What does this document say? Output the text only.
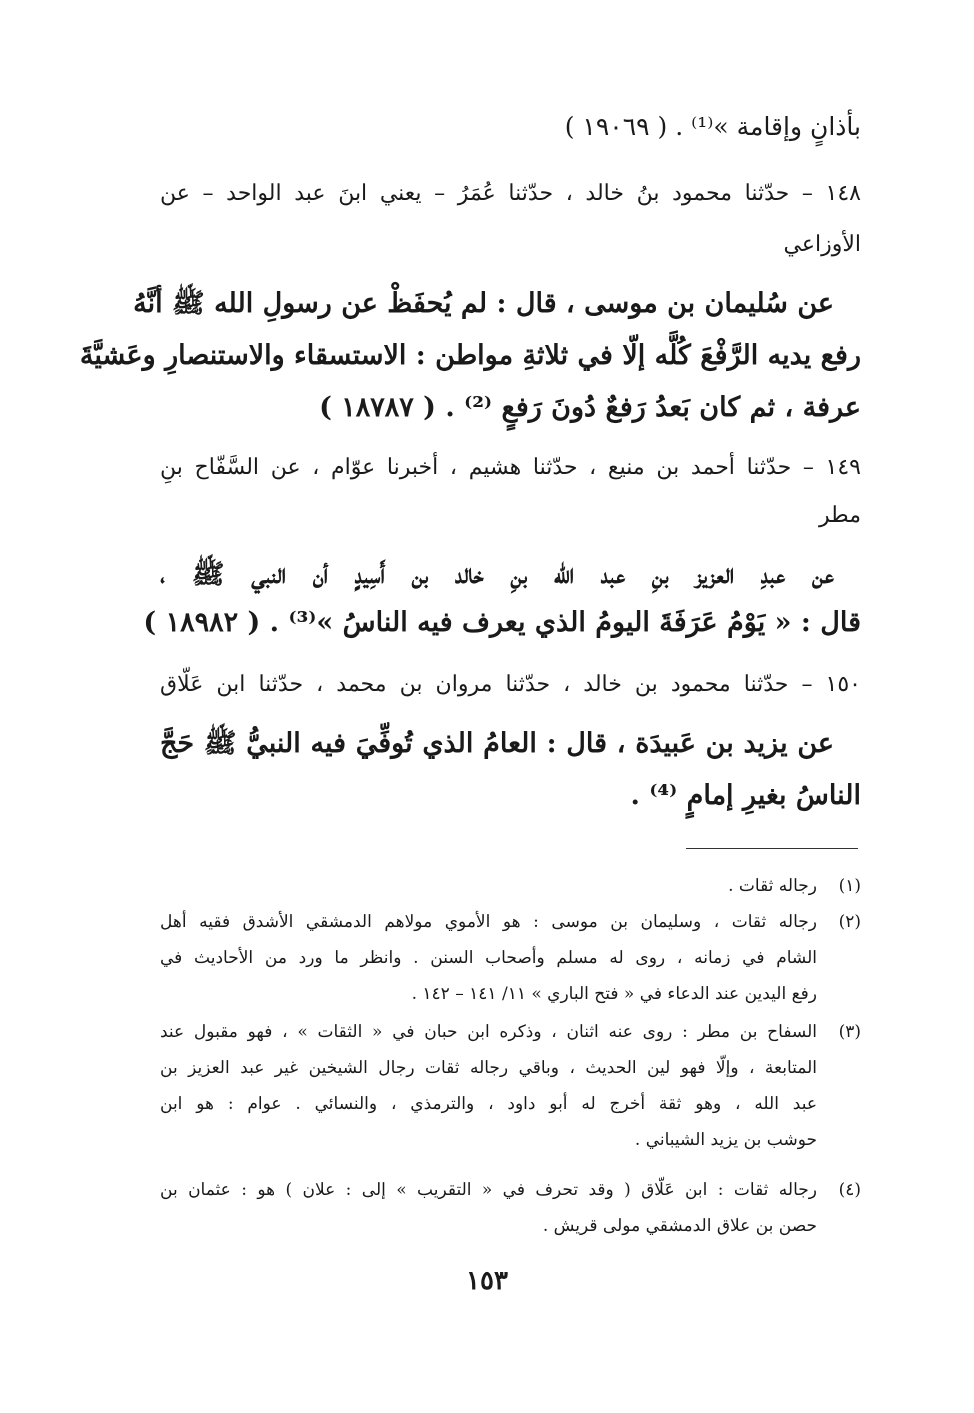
بأذانٍ وإقامة »⁽¹⁾ . ( ١٩٠٦٩ )
١٤٨ – حدّثنا محمود بنُ خالد ، حدّثنا عُمَرُ – يعني ابنَ عبد الواحد – عن
الأوزاعي
عن سُليمان بن موسى ، قال : لم يُحفَظْ عن رسولِ الله ﷺ أنَّهُ
رفع يديه الرَّفْعَ كُلَّه إلّا في ثلاثةِ مواطن : الاستسقاء والاستنصارِ وعَشيَّةَ
عرفة ، ثم كان بَعدُ رَفعٌ دُونَ رَفعٍ ⁽²⁾ . ( ١٨٧٨٧ )
١٤٩ – حدّثنا أحمد بن منيع ، حدّثنا هشيم ، أخبرنا عوّام ، عن السَّفّاح بنِ
مطر
عن عبدِ العزيز بنِ عبد الله بنِ خالد بن أَسِيدٍ أن النبي ﷺ ،
قال : « يَوْمُ عَرَفَةَ اليومُ الذي يعرف فيه الناسُ »⁽³⁾ . ( ١٨٩٨٢ )
١٥٠ – حدّثنا محمود بن خالد ، حدّثنا مروان بن محمد ، حدّثنا ابن عَلّاق
عن يزيد بن عَبيدَة ، قال : العامُ الذي تُوفِّيَ فيه النبيُّ ﷺ حَجَّ
الناسُ بغيرِ إمامٍ ⁽⁴⁾ .
(١)
رجاله ثقات .
(٢)
رجاله ثقات ، وسليمان بن موسى : هو الأموي مولاهم الدمشقي الأشدق فقيه أهل
الشام في زمانه ، روى له مسلم وأصحاب السنن . وانظر ما ورد من الأحاديث في
رفع اليدين عند الدعاء في « فتح الباري » ١١/ ١٤١ – ١٤٢ .
(٣)
السفاح بن مطر : روى عنه اثنان ، وذكره ابن حبان في « الثقات » ، فهو مقبول عند
المتابعة ، وإلّا فهو لين الحديث ، وباقي رجاله ثقات رجال الشيخين غير عبد العزيز بن
عبد الله ، وهو ثقة أخرج له أبو داود ، والترمذي ، والنسائي . عوام : هو ابن
حوشب بن يزيد الشيباني .
(٤)
رجاله ثقات : ابن عَلّاق ( وقد تحرف في « التقريب » إلى : علان ) هو : عثمان بن
حصن بن علاق الدمشقي مولى قريش .
١٥٣
